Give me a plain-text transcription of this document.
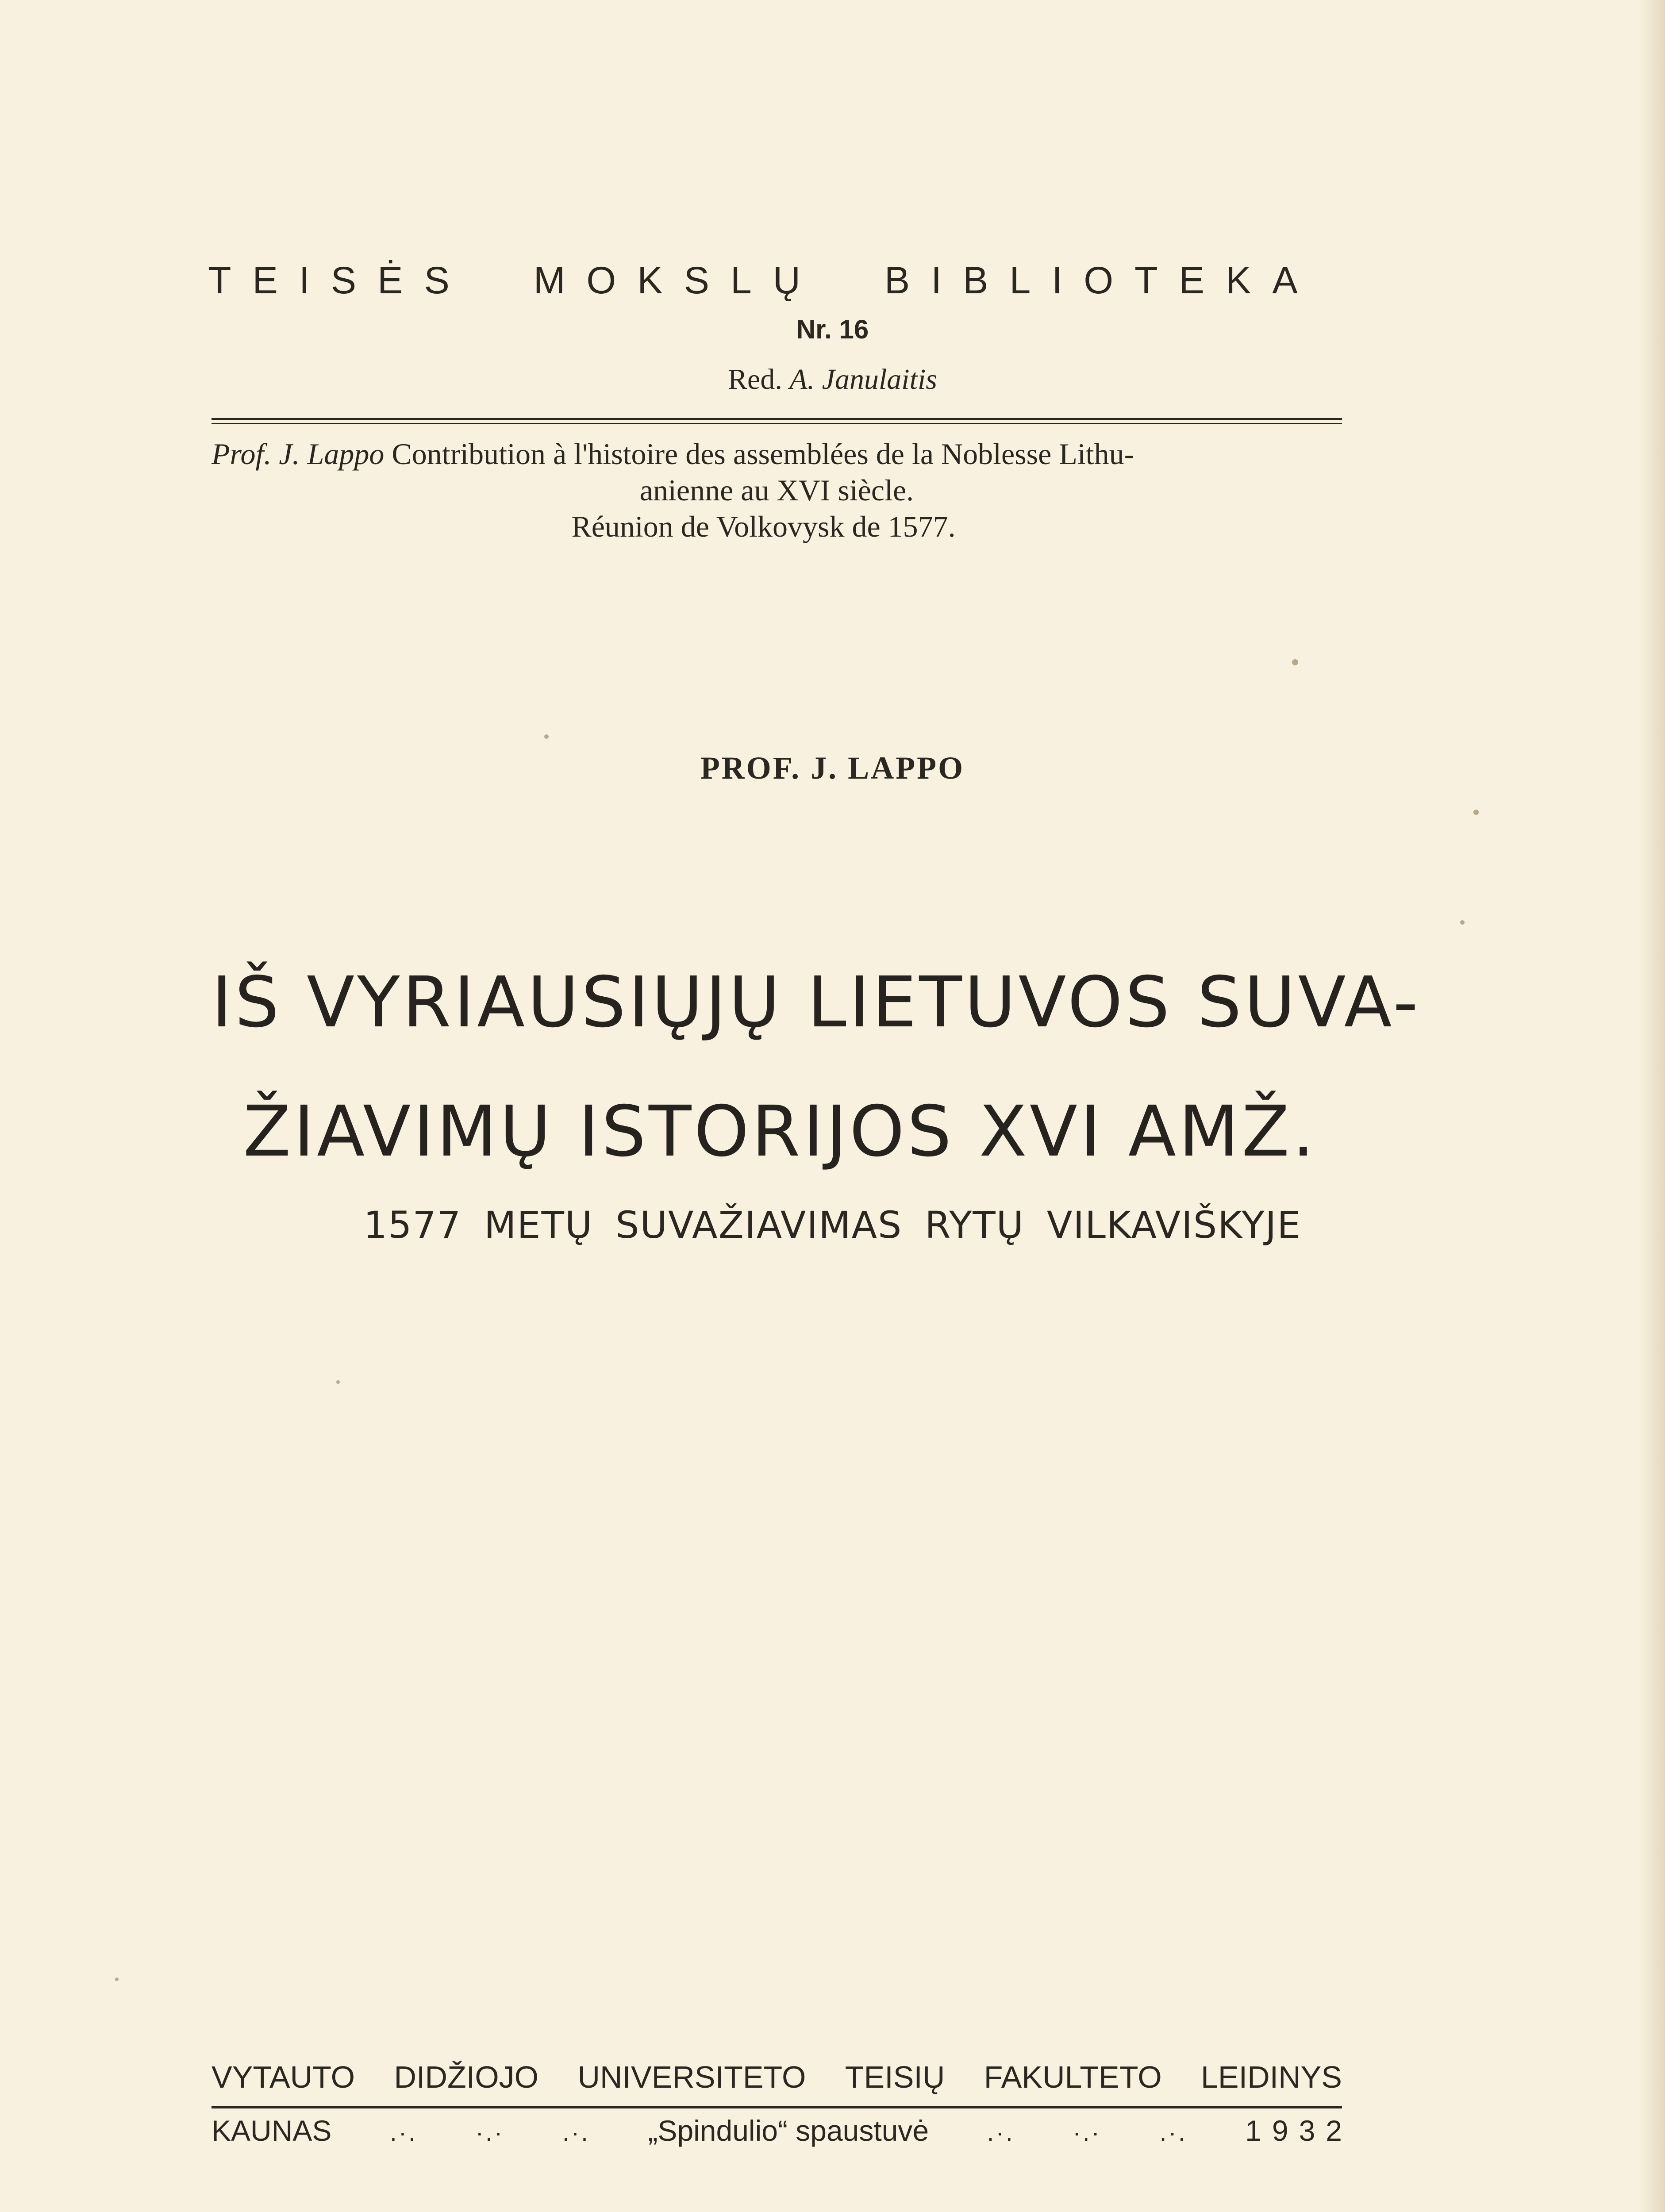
TEISĖS MOKSLŲ BIBLIOTEKA
Nr. 16
Red. A. Janulaitis
Prof. J. Lappo Contribution à l'histoire des assemblées de la Noblesse Lithu-
anienne au XVI siècle.
Réunion de Volkovysk de 1577.
PROF. J. LAPPO
IŠ VYRIAUSIŲJŲ LIETUVOS SUVA-
ŽIAVIMŲ ISTORIJOS XVI AMŽ.
1577 METŲ SUVAŽIAVIMAS RYTŲ VILKAVIŠKYJE
VYTAUTO DIDŽIOJO UNIVERSITETO TEISIŲ FAKULTETO LEIDINYS
KAUNAS .·. ·.· .·. „Spindulio“ spaustuvė .·. ·.· .·. 1932
